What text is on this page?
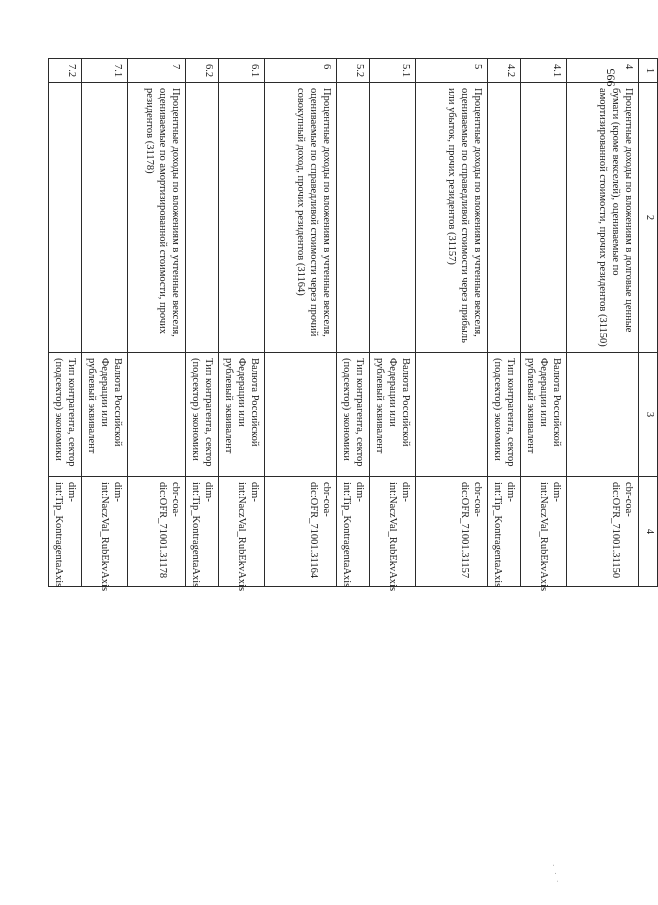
1	2	3	4
4	Процентные доходы по вложениям в долговые ценные бумаги (кроме векселей), оцениваемые по амортизированной стоимости, прочих резидентов (31150)		cbr-coa-dic:OFR_71001.31150
4.1		Валюта Российской Федерации или рублевый эквивалент	dim-int:NaczVal_RubEkvAxis
4.2		Тип контрагента, сектор (подсектор) экономики	dim-int:Tip_KontragentaAxis
5	Процентные доходы по вложениям в учтенные векселя, оцениваемые по справедливой стоимости через прибыль или убыток, прочих резидентов (31157)		cbr-coa-dic:OFR_71001.31157
5.1		Валюта Российской Федерации или рублевый эквивалент	dim-int:NaczVal_RubEkvAxis
5.2		Тип контрагента, сектор (подсектор) экономики	dim-int:Tip_KontragentaAxis
6	Процентные доходы по вложениям в учтенные векселя, оцениваемые по справедливой стоимости через прочий совокупный доход, прочих резидентов (31164)		cbr-coa-dic:OFR_71001.31164
6.1		Валюта Российской Федерации или рублевый эквивалент	dim-int:NaczVal_RubEkvAxis
6.2		Тип контрагента, сектор (подсектор) экономики	dim-int:Tip_KontragentaAxis
7	Процентные доходы по вложениям в учтенные векселя, оцениваемые по амортизированной стоимости, прочих резидентов (31178)		cbr-coa-dic:OFR_71001.31178
7.1		Валюта Российской Федерации или рублевый эквивалент	dim-int:NaczVal_RubEkvAxis
7.2		Тип контрагента, сектор (подсектор) экономики	dim-int:Tip_KontragentaAxis
995
. · `
